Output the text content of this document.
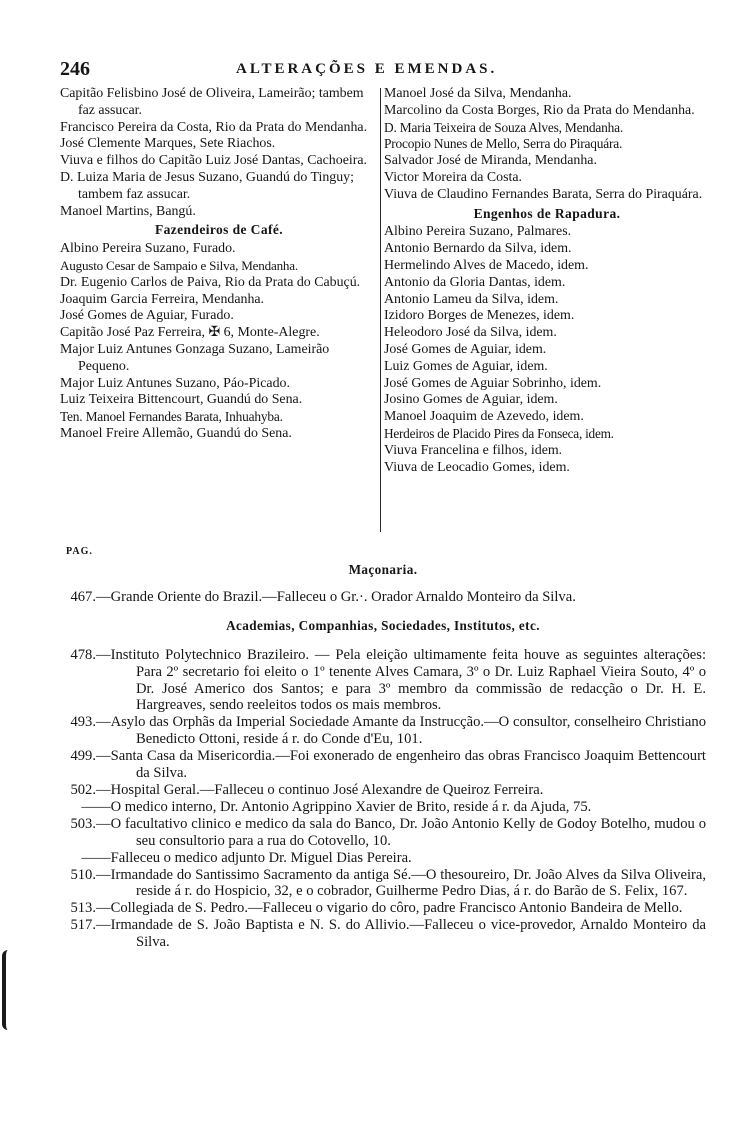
246	ALTERAÇÕES E EMENDAS.
Capitão Felisbino José de Oliveira, Lameirão; tambem faz assucar.
Francisco Pereira da Costa, Rio da Prata do Mendanha.
José Clemente Marques, Sete Riachos.
Viuva e filhos do Capitão Luiz José Dantas, Cachoeira.
D. Luiza Maria de Jesus Suzano, Guandú do Tinguy; tambem faz assucar.
Manoel Martins, Bangú.
Fazendeiros de Café.
Albino Pereira Suzano, Furado.
Augusto Cesar de Sampaio e Silva, Mendanha.
Dr. Eugenio Carlos de Paiva, Rio da Prata do Cabuçú.
Joaquim Garcia Ferreira, Mendanha.
José Gomes de Aguiar, Furado.
Capitão José Paz Ferreira, ✠ 6, Monte-Alegre.
Major Luiz Antunes Gonzaga Suzano, Lameirão Pequeno.
Major Luiz Antunes Suzano, Páo-Picado.
Luiz Teixeira Bittencourt, Guandú do Sena.
Ten. Manoel Fernandes Barata, Inhuahyba.
Manoel Freire Allemão, Guandú do Sena.
Manoel José da Silva, Mendanha.
Marcolino da Costa Borges, Rio da Prata do Mendanha.
D. Maria Teixeira de Souza Alves, Mendanha.
Procopio Nunes de Mello, Serra do Piraquára.
Salvador José de Miranda, Mendanha.
Victor Moreira da Costa.
Viuva de Claudino Fernandes Barata, Serra do Piraquára.
Engenhos de Rapadura.
Albino Pereira Suzano, Palmares.
Antonio Bernardo da Silva, idem.
Hermelindo Alves de Macedo, idem.
Antonio da Gloria Dantas, idem.
Antonio Lameu da Silva, idem.
Izidoro Borges de Menezes, idem.
Heleodoro José da Silva, idem.
José Gomes de Aguiar, idem.
Luiz Gomes de Aguiar, idem.
José Gomes de Aguiar Sobrinho, idem.
Josino Gomes de Aguiar, idem.
Manoel Joaquim de Azevedo, idem.
Herdeiros de Placido Pires da Fonseca, idem.
Viuva Francelina e filhos, idem.
Viuva de Leocadio Gomes, idem.
PAG.
Maçonaria.
467.—Grande Oriente do Brazil.—Falleceu o Gr.·. Orador Arnaldo Monteiro da Silva.
Academias, Companhias, Sociedades, Institutos, etc.
478.—Instituto Polytechnico Brazileiro. — Pela eleição ultimamente feita houve as seguintes alterações: Para 2º secretario foi eleito o 1º tenente Alves Camara, 3º o Dr. Luiz Raphael Vieira Souto, 4º o Dr. José Americo dos Santos; e para 3º membro da commissão de redacção o Dr. H. E. Hargreaves, sendo reeleitos todos os mais membros.
493.—Asylo das Orphãs da Imperial Sociedade Amante da Instrucção.—O consultor, conselheiro Christiano Benedicto Ottoni, reside á r. do Conde d'Eu, 101.
499.—Santa Casa da Misericordia.—Foi exonerado de engenheiro das obras Francisco Joaquim Bettencourt da Silva.
502.—Hospital Geral.—Falleceu o continuo José Alexandre de Queiroz Ferreira.
——O medico interno, Dr. Antonio Agrippino Xavier de Brito, reside á r. da Ajuda, 75.
503.—O facultativo clinico e medico da sala do Banco, Dr. João Antonio Kelly de Godoy Botelho, mudou o seu consultorio para a rua do Cotovello, 10.
——Falleceu o medico adjunto Dr. Miguel Dias Pereira.
510.—Irmandade do Santissimo Sacramento da antiga Sé.—O thesoureiro, Dr. João Alves da Silva Oliveira, reside á r. do Hospicio, 32, e o cobrador, Guilherme Pedro Dias, á r. do Barão de S. Felix, 167.
513.—Collegiada de S. Pedro.—Falleceu o vigario do côro, padre Francisco Antonio Bandeira de Mello.
517.—Irmandade de S. João Baptista e N. S. do Allivio.—Falleceu o vice-provedor, Arnaldo Monteiro da Silva.
